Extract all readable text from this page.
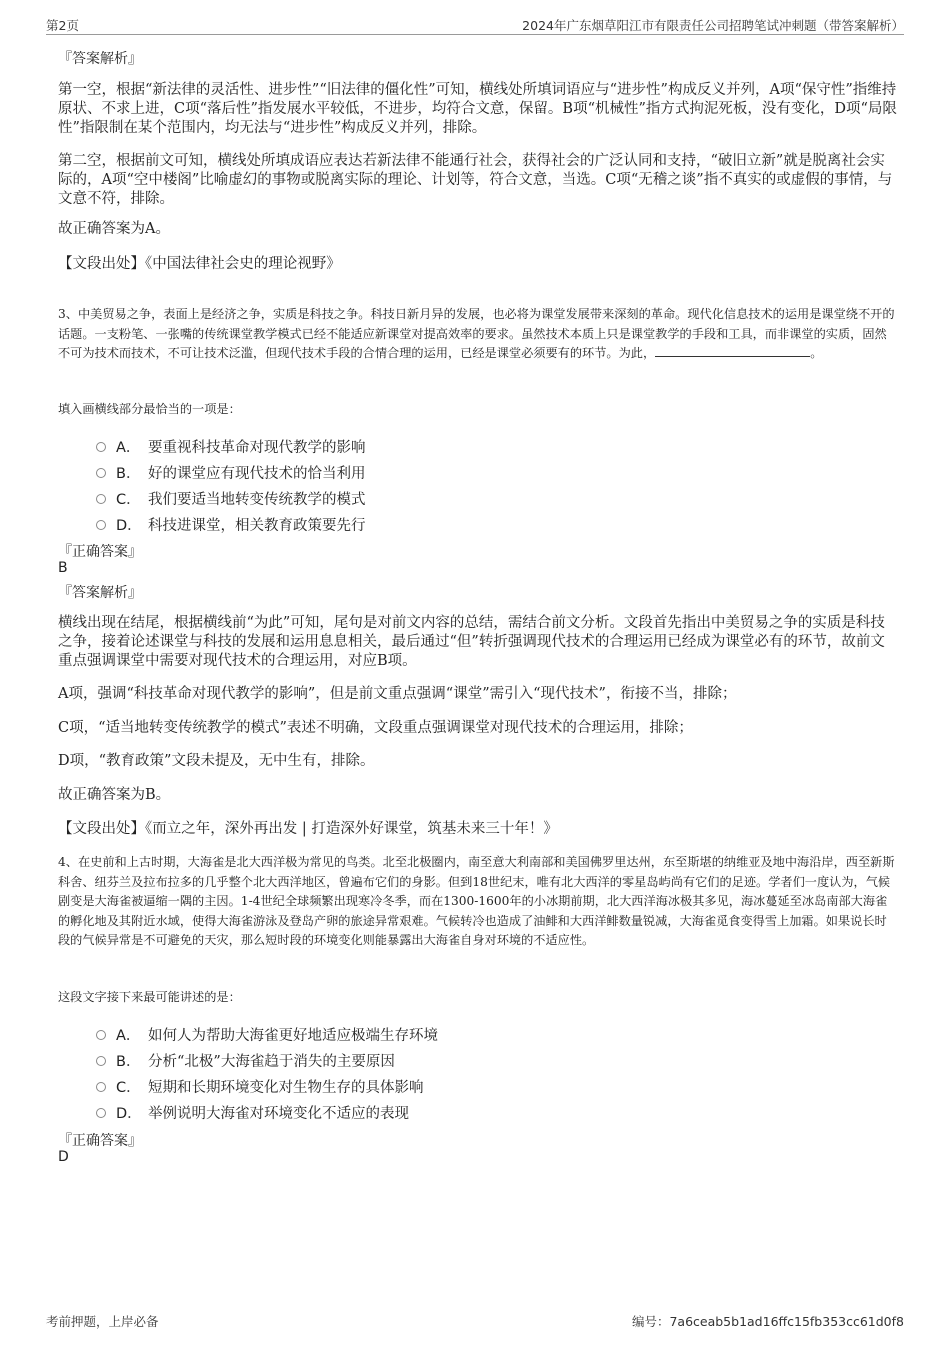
第2页	2024年广东烟草阳江市有限责任公司招聘笔试冲刺题（带答案解析）
『答案解析』
第一空，根据“新法律的灵活性、进步性”“旧法律的僵化性”可知，横线处所填词语应与“进步性”构成反义并列，A项“保守性”指维持原状、不求上进，C项“落后性”指发展水平较低，不进步，均符合文意，保留。B项“机械性”指方式拘泥死板，没有变化，D项“局限性”指限制在某个范围内，均无法与“进步性”构成反义并列，排除。
第二空，根据前文可知，横线处所填成语应表达若新法律不能通行社会，获得社会的广泛认同和支持，“破旧立新”就是脱离社会实际的，A项“空中楼阁”比喻虚幻的事物或脱离实际的理论、计划等，符合文意，当选。C项“无稽之谈”指不真实的或虚假的事情，与文意不符，排除。
故正确答案为A。
【文段出处】《中国法律社会史的理论视野》
3、中美贸易之争，表面上是经济之争，实质是科技之争。科技日新月异的发展，也必将为课堂发展带来深刻的革命。现代化信息技术的运用是课堂绕不开的话题。一支粉笔、一张嘴的传统课堂教学模式已经不能适应新课堂对提高效率的要求。虽然技术本质上只是课堂教学的手段和工具，而非课堂的实质，固然不可为技术而技术，不可让技术泛滥，但现代技术手段的合情合理的运用，已经是课堂必须要有的环节。为此，	。
填入画横线部分最恰当的一项是：
A． 要重视科技革命对现代教学的影响
B． 好的课堂应有现代技术的恰当利用
C． 我们要适当地转变传统教学的模式
D． 科技进课堂，相关教育政策要先行
『正确答案』
B
『答案解析』
横线出现在结尾，根据横线前“为此”可知，尾句是对前文内容的总结，需结合前文分析。文段首先指出中美贸易之争的实质是科技之争，接着论述课堂与科技的发展和运用息息相关，最后通过“但”转折强调现代技术的合理运用已经成为课堂必有的环节，故前文重点强调课堂中需要对现代技术的合理运用，对应B项。
A项，强调“科技革命对现代教学的影响”，但是前文重点强调“课堂”需引入“现代技术”，衔接不当，排除；
C项，“适当地转变传统教学的模式”表述不明确，文段重点强调课堂对现代技术的合理运用，排除；
D项，“教育政策”文段未提及，无中生有，排除。
故正确答案为B。
【文段出处】《而立之年，深外再出发 | 打造深外好课堂，筑基未来三十年！》
4、在史前和上古时期，大海雀是北大西洋极为常见的鸟类。北至北极圈内，南至意大利南部和美国佛罗里达州，东至斯堪的纳维亚及地中海沿岸，西至新斯科舍、纽芬兰及拉布拉多的几乎整个北大西洋地区，曾遍布它们的身影。但到18世纪末，唯有北大西洋的零星岛屿尚有它们的足迹。学者们一度认为，气候剧变是大海雀被逼缩一隅的主因。1-4世纪全球频繁出现寒冷冬季，而在1300-1600年的小冰期前期，北大西洋海冰极其多见，海冰蔓延至冰岛南部大海雀的孵化地及其附近水域，使得大海雀游泳及登岛产卵的旅途异常艰难。气候转冷也造成了油鲱和大西洋鲱数量锐减，大海雀觅食变得雪上加霜。如果说长时段的气候异常是不可避免的天灾，那么短时段的环境变化则能暴露出大海雀自身对环境的不适应性。
这段文字接下来最可能讲述的是：
A． 如何人为帮助大海雀更好地适应极端生存环境
B． 分析“北极”大海雀趋于消失的主要原因
C． 短期和长期环境变化对生物生存的具体影响
D． 举例说明大海雀对环境变化不适应的表现
『正确答案』
D
考前押题，上岸必备	编号：7a6ceab5b1ad16ffc15fb353cc61d0f8
